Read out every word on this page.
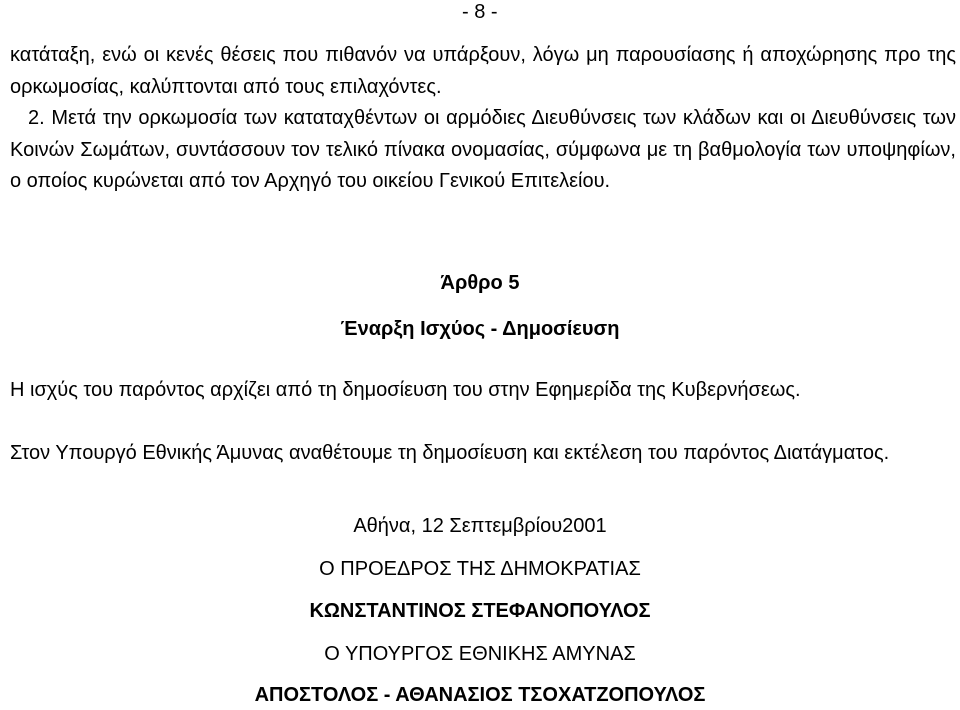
- 8 -
κατάταξη, ενώ οι κενές θέσεις που πιθανόν να υπάρξουν, λόγω μη παρουσίασης ή αποχώρησης προ της ορκωμοσίας, καλύπτονται από τους επιλαχόντες.
2. Μετά την ορκωμοσία των καταταχθέντων οι αρμόδιες Διευθύνσεις των κλάδων και οι Διευθύνσεις των Κοινών Σωμάτων, συντάσσουν τον τελικό πίνακα ονομασίας, σύμφωνα με τη βαθμολογία των υποψηφίων, ο οποίος κυρώνεται από τον Αρχηγό του οικείου Γενικού Επιτελείου.
Άρθρο 5
Έναρξη Ισχύος - Δημοσίευση
Η ισχύς του παρόντος αρχίζει από τη δημοσίευση του στην Εφημερίδα της Κυβερνήσεως.
Στον Υπουργό Εθνικής Άμυνας αναθέτουμε τη δημοσίευση και εκτέλεση του παρόντος Διατάγματος.
Αθήνα, 12 Σεπτεμβρίου2001
Ο ΠΡΟΕΔΡΟΣ ΤΗΣ ΔΗΜΟΚΡΑΤΙΑΣ
ΚΩΝΣΤΑΝΤΙΝΟΣ ΣΤΕΦΑΝΟΠΟΥΛΟΣ
Ο ΥΠΟΥΡΓΟΣ ΕΘΝΙΚΗΣ ΑΜΥΝΑΣ
ΑΠΟΣΤΟΛΟΣ - ΑΘΑΝΑΣΙΟΣ ΤΣΟΧΑΤΖΟΠΟΥΛΟΣ
